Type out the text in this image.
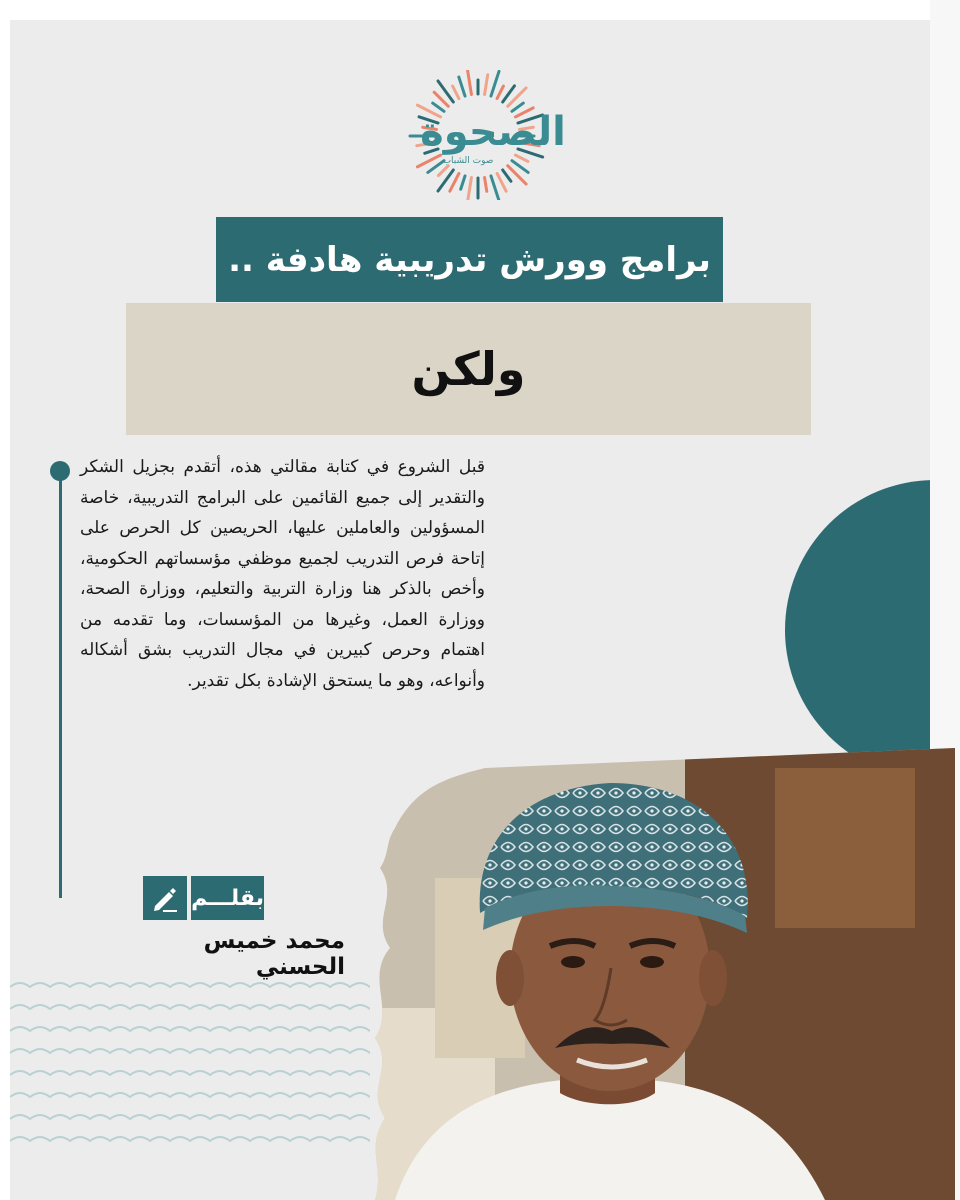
الصحوة
صوت الشباب
برامج وورش تدريبية هادفة ..
ولكن

قبل الشروع في كتابة مقالتي هذه، أتقدم بجزيل الشكر والتقدير إلى جميع القائمين على البرامج التدريبية، خاصة المسؤولين والعاملين عليها، الحريصين كل الحرص على إتاحة فرص التدريب لجميع موظفي مؤسساتهم الحكومية، وأخص بالذكر هنا وزارة التربية والتعليم، ووزارة الصحة، ووزارة العمل، وغيرها من المؤسسات، وما تقدمه من اهتمام وحرص كبيرين في مجال التدريب بشق أشكاله وأنواعه، وهو ما يستحق الإشادة بكل تقدير.

بقلـــم
محمد خميس الحسني
